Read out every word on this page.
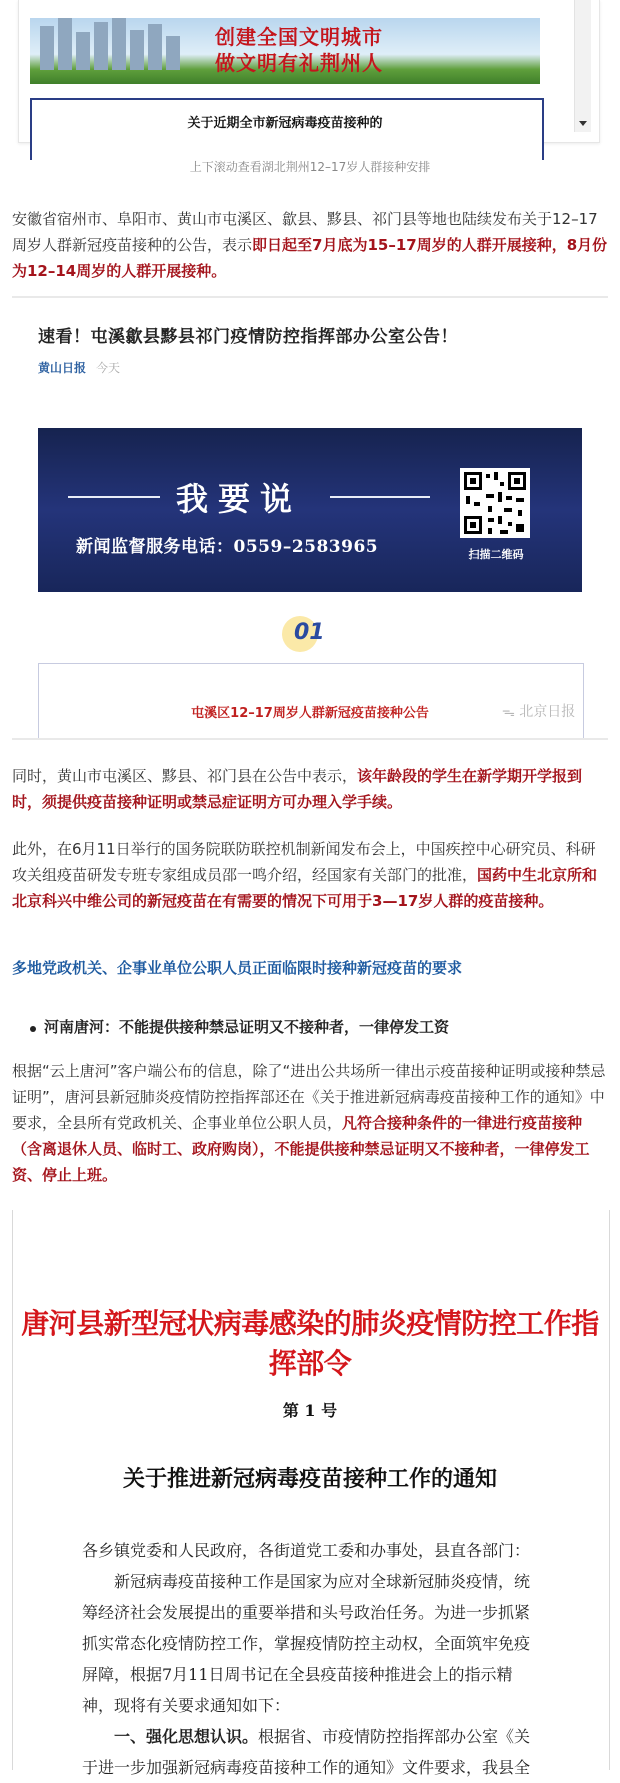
创建全国文明城市
做文明有礼荆州人
关于近期全市新冠病毒疫苗接种的
上下滚动查看湖北荆州12–17岁人群接种安排
安徽省宿州市、阜阳市、黄山市屯溪区、歙县、黟县、祁门县等地也陆续发布关于12–17周岁人群新冠疫苗接种的公告，表示即日起至7月底为15–17周岁的人群开展接种，8月份为12–14周岁的人群开展接种。
速看！屯溪歙县黟县祁门疫情防控指挥部办公室公告！
黄山日报 今天
我要说
新闻监督服务电话：0559–2583965	扫描二维码
01
屯溪区12–17周岁人群新冠疫苗接种公告	ᯓ 北京日报
同时，黄山市屯溪区、黟县、祁门县在公告中表示，该年龄段的学生在新学期开学报到时，须提供疫苗接种证明或禁忌症证明方可办理入学手续。
此外，在6月11日举行的国务院联防联控机制新闻发布会上，中国疾控中心研究员、科研攻关组疫苗研发专班专家组成员邵一鸣介绍，经国家有关部门的批准，国药中生北京所和北京科兴中维公司的新冠疫苗在有需要的情况下可用于3—17岁人群的疫苗接种。
多地党政机关、企事业单位公职人员正面临限时接种新冠疫苗的要求
河南唐河：不能提供接种禁忌证明又不接种者，一律停发工资
根据“云上唐河”客户端公布的信息，除了“进出公共场所一律出示疫苗接种证明或接种禁忌证明”，唐河县新冠肺炎疫情防控指挥部还在《关于推进新冠病毒疫苗接种工作的通知》中要求，全县所有党政机关、企事业单位公职人员，凡符合接种条件的一律进行疫苗接种（含离退休人员、临时工、政府购岗），不能提供接种禁忌证明又不接种者，一律停发工资、停止上班。
唐河县新型冠状病毒感染的肺炎疫情防控工作指挥部令
第 1 号
关于推进新冠病毒疫苗接种工作的通知
各乡镇党委和人民政府，各街道党工委和办事处，县直各部门：
新冠病毒疫苗接种工作是国家为应对全球新冠肺炎疫情，统筹经济社会发展提出的重要举措和头号政治任务。为进一步抓紧抓实常态化疫情防控工作，掌握疫情防控主动权，全面筑牢免疫屏障，根据7月11日周书记在全县疫苗接种推进会上的指示精神，现将有关要求通知如下：
一、强化思想认识。根据省、市疫情防控指挥部办公室《关于进一步加强新冠病毒疫苗接种工作的通知》文件要求，我县全
